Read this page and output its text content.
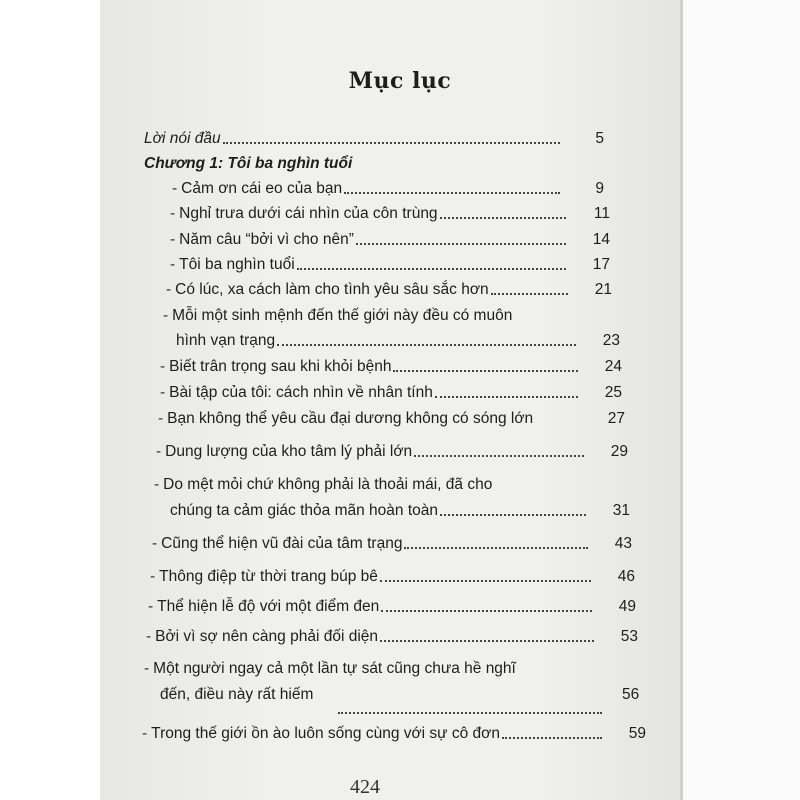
Mục lục
Lời nói đầu	5
Chương 1: Tôi ba nghìn tuổi
- Cảm ơn cái eo của bạn	9
- Nghỉ trưa dưới cái nhìn của côn trùng	11
- Năm câu “bởi vì cho nên”	14
- Tôi ba nghìn tuổi	17
- Có lúc, xa cách làm cho tình yêu sâu sắc hơn	21
- Mỗi một sinh mệnh đến thế giới này đều có muôn
hình vạn trạng	23
- Biết trân trọng sau khi khỏi bệnh	24
- Bài tập của tôi: cách nhìn về nhân tính	25
- Bạn không thể yêu cầu đại dương không có sóng lớn	27
- Dung lượng của kho tâm lý phải lớn	29
- Do mệt mỏi chứ không phải là thoải mái, đã cho
chúng ta cảm giác thỏa mãn hoàn toàn	31
- Cũng thể hiện vũ đài của tâm trạng	43
- Thông điệp từ thời trang búp bê	46
- Thể hiện lễ độ với một điểm đen	49
- Bởi vì sợ nên càng phải đối diện	53
- Một người ngay cả một lần tự sát cũng chưa hề nghĩ
đến, điều này rất hiếm	56
- Trong thế giới ồn ào luôn sống cùng với sự cô đơn	59
424
